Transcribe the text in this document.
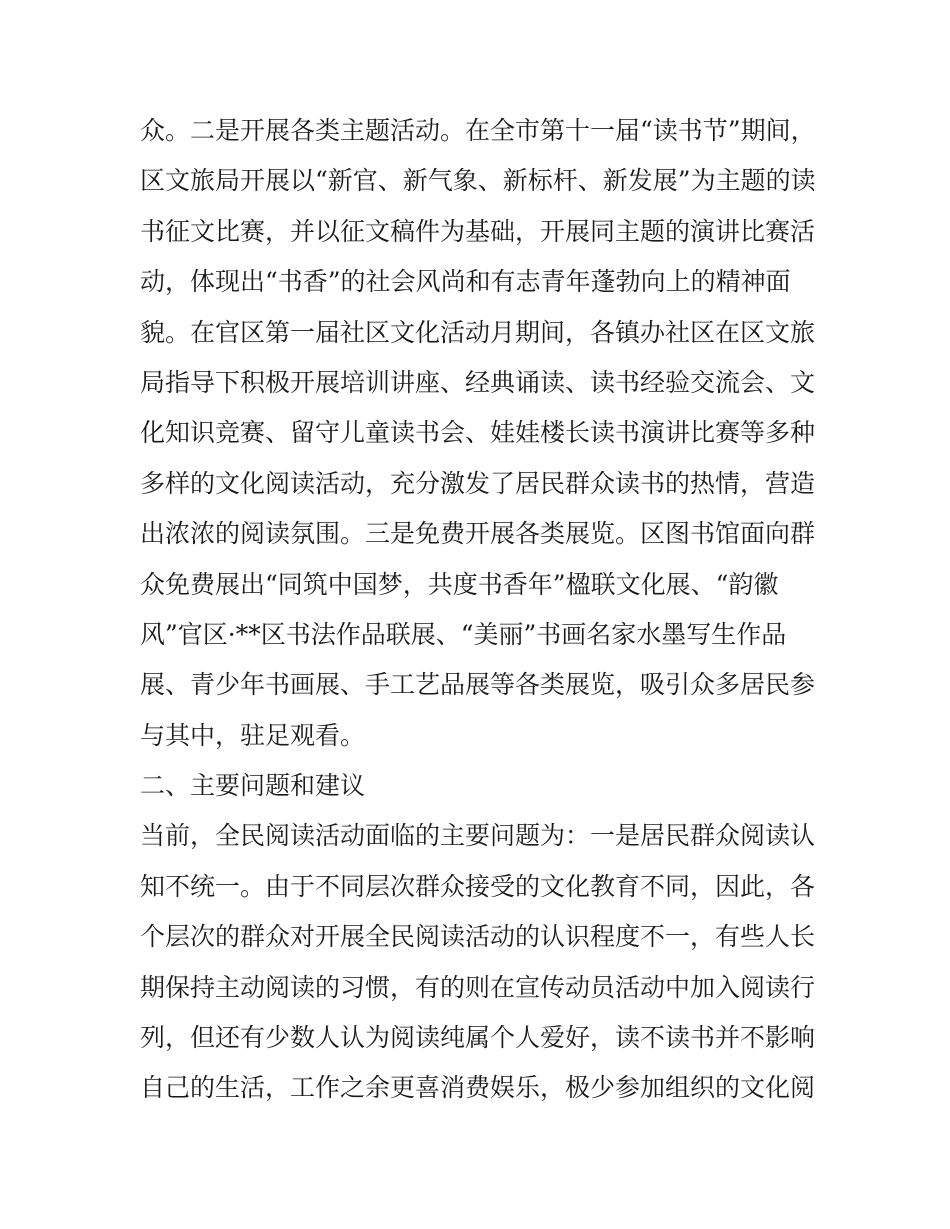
众。二是开展各类主题活动。在全市第十一届“读书节”期间，
区文旅局开展以“新官、新气象、新标杆、新发展”为主题的读
书征文比赛，并以征文稿件为基础，开展同主题的演讲比赛活
动，体现出“书香”的社会风尚和有志青年蓬勃向上的精神面
貌。在官区第一届社区文化活动月期间，各镇办社区在区文旅
局指导下积极开展培训讲座、经典诵读、读书经验交流会、文
化知识竞赛、留守儿童读书会、娃娃楼长读书演讲比赛等多种
多样的文化阅读活动，充分激发了居民群众读书的热情，营造
出浓浓的阅读氛围。三是免费开展各类展览。区图书馆面向群
众免费展出“同筑中国梦，共度书香年”楹联文化展、“韵徽
风”官区·**区书法作品联展、“美丽”书画名家水墨写生作品
展、青少年书画展、手工艺品展等各类展览，吸引众多居民参
与其中，驻足观看。
二、主要问题和建议
当前，全民阅读活动面临的主要问题为：一是居民群众阅读认
知不统一。由于不同层次群众接受的文化教育不同，因此，各
个层次的群众对开展全民阅读活动的认识程度不一，有些人长
期保持主动阅读的习惯，有的则在宣传动员活动中加入阅读行
列，但还有少数人认为阅读纯属个人爱好，读不读书并不影响
自己的生活，工作之余更喜消费娱乐，极少参加组织的文化阅
